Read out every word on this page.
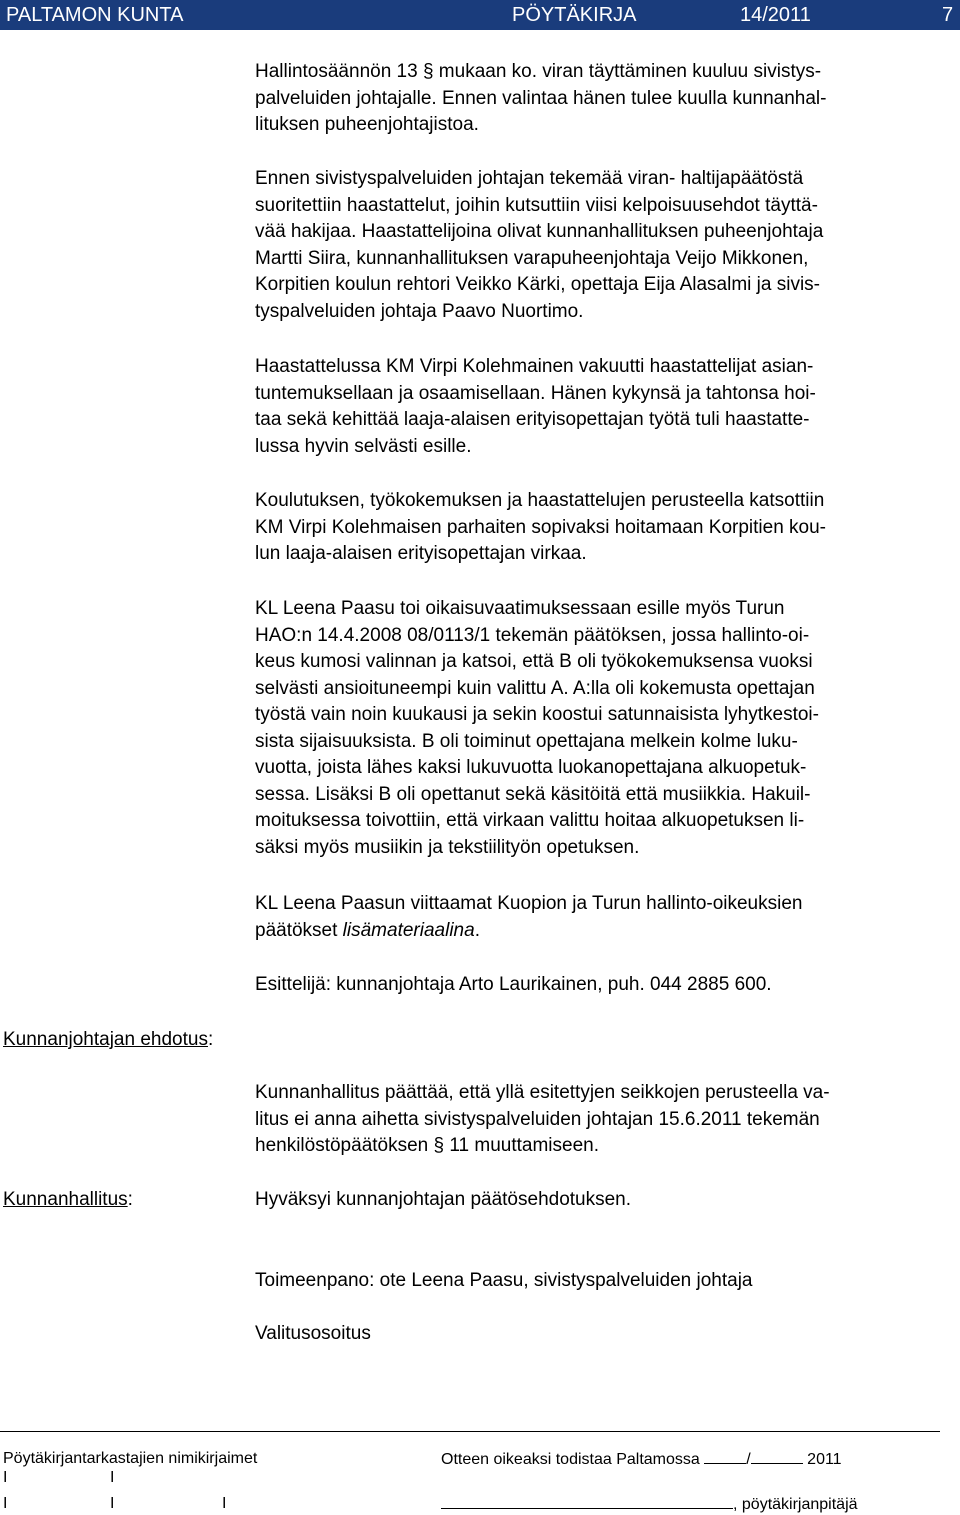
PALTAMON KUNTA	PÖYTÄKIRJA	14/2011	7

Hallintosäännön 13 § mukaan ko. viran täyttäminen kuuluu sivistys-
palveluiden johtajalle. Ennen valintaa hänen tulee kuulla kunnanhal-
lituksen puheenjohtajistoa.

Ennen sivistyspalveluiden johtajan tekemää viran- haltijapäätöstä
suoritettiin haastattelut, joihin kutsuttiin viisi kelpoisuusehdot täyttä-
vää hakijaa. Haastattelijoina olivat kunnanhallituksen puheenjohtaja
Martti Siira, kunnanhallituksen varapuheenjohtaja Veijo Mikkonen,
Korpitien koulun rehtori Veikko Kärki, opettaja Eija Alasalmi ja sivis-
tyspalveluiden johtaja Paavo Nuortimo.

Haastattelussa KM Virpi Kolehmainen vakuutti haastattelijat asian-
tuntemuksellaan ja osaamisellaan. Hänen kykynsä ja tahtonsa hoi-
taa sekä kehittää laaja-alaisen erityisopettajan työtä tuli haastatte-
lussa hyvin selvästi esille.

Koulutuksen, työkokemuksen ja haastattelujen perusteella katsottiin
KM Virpi Kolehmaisen parhaiten sopivaksi hoitamaan Korpitien kou-
lun laaja-alaisen erityisopettajan virkaa.

KL Leena Paasu toi oikaisuvaatimuksessaan esille myös Turun
HAO:n 14.4.2008 08/0113/1 tekemän päätöksen, jossa hallinto-oi-
keus kumosi valinnan ja katsoi, että B oli työkokemuksensa vuoksi
selvästi ansioituneempi kuin valittu A. A:lla oli kokemusta opettajan
työstä vain noin kuukausi ja sekin koostui satunnaisista lyhytkestoi-
sista sijaisuuksista. B oli toiminut opettajana melkein kolme luku-
vuotta, joista lähes kaksi lukuvuotta luokanopettajana alkuopetuk-
sessa. Lisäksi B oli opettanut sekä käsitöitä että musiikkia. Hakuil-
moituksessa toivottiin, että virkaan valittu hoitaa alkuopetuksen li-
säksi myös musiikin ja tekstiilityön opetuksen.

KL Leena Paasun viittaamat Kuopion ja Turun hallinto-oikeuksien
päätökset lisämateriaalina.

Esittelijä: kunnanjohtaja Arto Laurikainen, puh. 044 2885 600.

Kunnanjohtajan ehdotus:

Kunnanhallitus päättää, että yllä esitettyjen seikkojen perusteella va-
litus ei anna aihetta sivistyspalveluiden johtajan 15.6.2011 tekemän
henkilöstöpäätöksen § 11 muuttamiseen.

Kunnanhallitus:	Hyväksyi kunnanjohtajan päätösehdotuksen.

Toimeenpano: ote Leena Paasu, sivistyspalveluiden johtaja

Valitusosoitus

Pöytäkirjantarkastajien nimikirjaimet	Otteen oikeaksi todistaa Paltamossa	/	2011
I	I
I	I	I	, pöytäkirjanpitäjä
